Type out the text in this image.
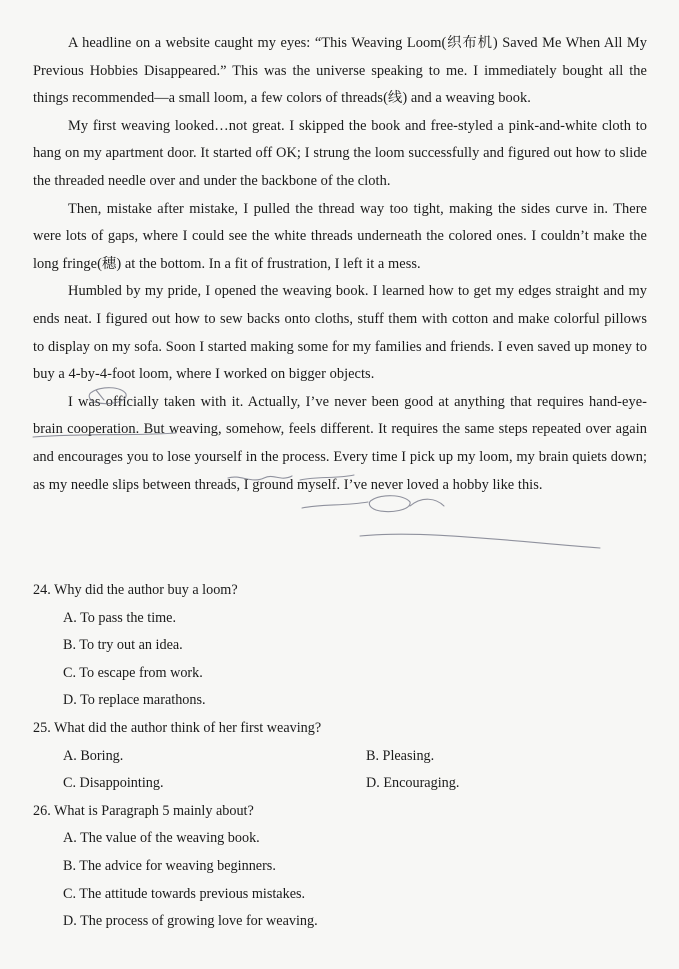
A headline on a website caught my eyes: “This Weaving Loom(织布机) Saved Me When All My Previous Hobbies Disappeared.” This was the universe speaking to me. I immediately bought all the things recommended—a small loom, a few colors of threads(线) and a weaving book.

My first weaving looked…not great. I skipped the book and free-styled a pink-and-white cloth to hang on my apartment door. It started off OK; I strung the loom successfully and figured out how to slide the threaded needle over and under the backbone of the cloth.

Then, mistake after mistake, I pulled the thread way too tight, making the sides curve in. There were lots of gaps, where I could see the white threads underneath the colored ones. I couldn’t make the long fringe(穗) at the bottom. In a fit of frustration, I left it a mess.

Humbled by my pride, I opened the weaving book. I learned how to get my edges straight and my ends neat. I figured out how to sew backs onto cloths, stuff them with cotton and make colorful pillows to display on my sofa. Soon I started making some for my families and friends. I even saved up money to buy a 4-by-4-foot loom, where I worked on bigger objects.

I was officially taken with it. Actually, I’ve never been good at anything that requires hand-eye-brain cooperation. But weaving, somehow, feels different. It requires the same steps repeated over again and encourages you to lose yourself in the process. Every time I pick up my loom, my brain quiets down; as my needle slips between threads, I ground myself. I’ve never loved a hobby like this.

24. Why did the author buy a loom?

A. To pass the time.

B. To try out an idea.

C. To escape from work.

D. To replace marathons.

25. What did the author think of her first weaving?

A. Boring.	B. Pleasing.

C. Disappointing.	D. Encouraging.

26. What is Paragraph 5 mainly about?

A. The value of the weaving book.

B. The advice for weaving beginners.

C. The attitude towards previous mistakes.

D. The process of growing love for weaving.
